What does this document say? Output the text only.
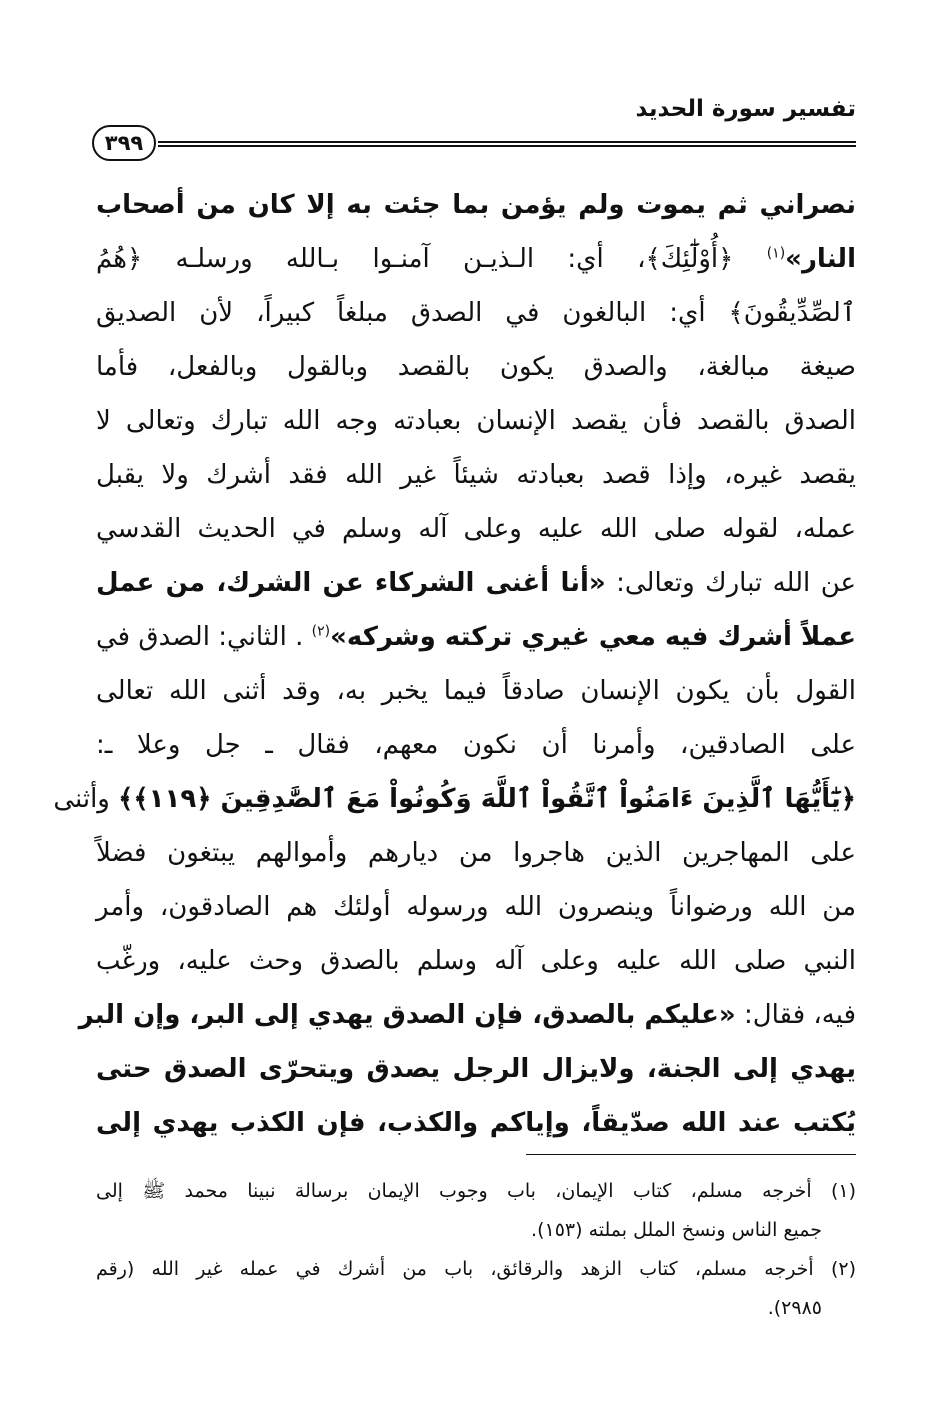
تفسير سورة الحديد
٣٩٩
نصراني ثم يموت ولم يؤمن بما جئت به إلا كان من أصحاب
النار»$^{(١)}$ ﴿أُوْلَٰٓئِكَ﴾، أي: الـذيـن آمنـوا بـالله ورسلـه ﴿هُمُ
ٱلصِّدِّيقُونَ﴾ أي: البالغون في الصدق مبلغاً كبيراً، لأن الصديق
صيغة مبالغة، والصدق يكون بالقصد وبالقول وبالفعل، فأما
الصدق بالقصد فأن يقصد الإنسان بعبادته وجه الله تبارك وتعالى لا
يقصد غيره، وإذا قصد بعبادته شيئاً غير الله فقد أشرك ولا يقبل
عمله، لقوله صلى الله عليه وعلى آله وسلم في الحديث القدسي
عن الله تبارك وتعالى: «أنا أغنى الشركاء عن الشرك، من عمل
عملاً أشرك فيه معي غيري تركته وشركه»$^{(٢)}$ . الثاني: الصدق في
القول بأن يكون الإنسان صادقاً فيما يخبر به، وقد أثنى الله تعالى
على الصادقين، وأمرنا أن نكون معهم، فقال ـ جل وعلا ـ:
﴿يَٰٓأَيُّهَا ٱلَّذِينَ ءَامَنُواْ ٱتَّقُواْ ٱللَّهَ وَكُونُواْ مَعَ ٱلصَّٰدِقِينَ ﴿١١٩﴾﴾ وأثنى
على المهاجرين الذين هاجروا من ديارهم وأموالهم يبتغون فضلاً
من الله ورضواناً وينصرون الله ورسوله أولئك هم الصادقون، وأمر
النبي صلى الله عليه وعلى آله وسلم بالصدق وحث عليه، ورغّب
فيه، فقال: «عليكم بالصدق، فإن الصدق يهدي إلى البر، وإن البر
يهدي إلى الجنة، ولايزال الرجل يصدق ويتحرّى الصدق حتى
يُكتب عند الله صدّيقاً، وإياكم والكذب، فإن الكذب يهدي إلى
(١) أخرجه مسلم، كتاب الإيمان، باب وجوب الإيمان برسالة نبينا محمد ﷺ إلى
جميع الناس ونسخ الملل بملته (١٥٣).
(٢) أخرجه مسلم، كتاب الزهد والرقائق، باب من أشرك في عمله غير الله (رقم
٢٩٨٥).
